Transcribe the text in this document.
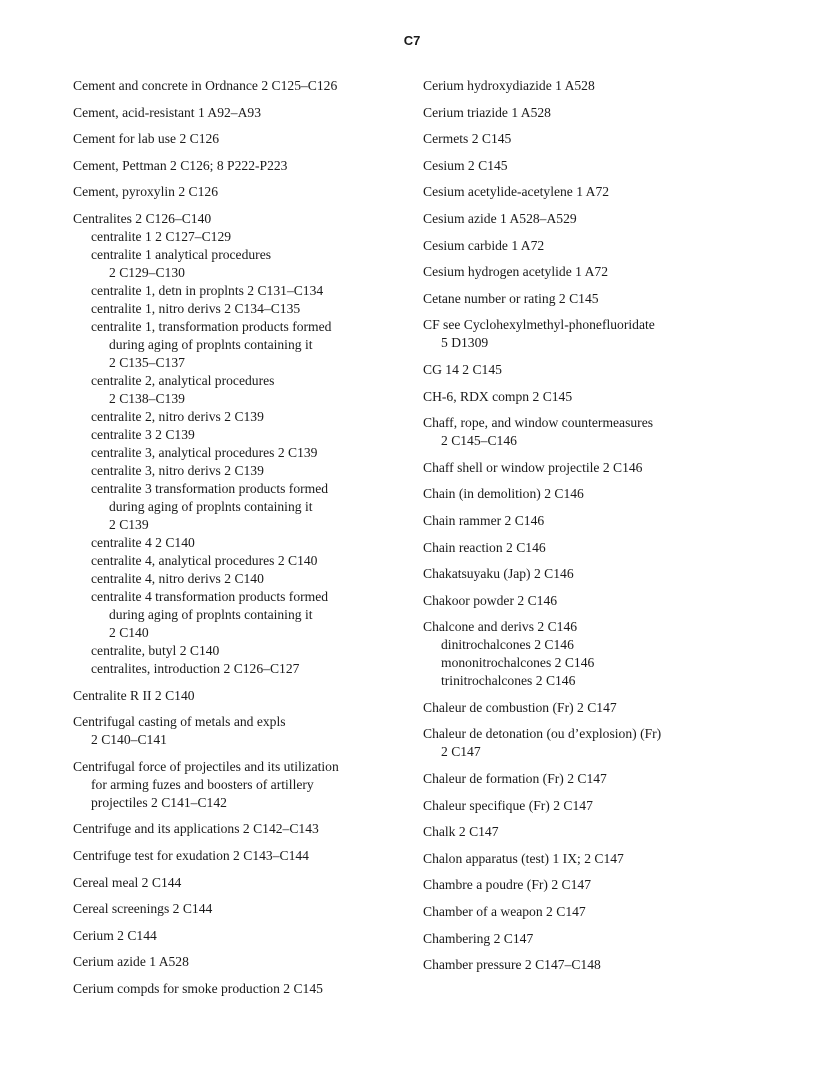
C7
Cement and concrete in Ordnance 2 C125–C126
Cement, acid-resistant 1 A92–A93
Cement for lab use 2 C126
Cement, Pettman 2 C126; 8 P222-P223
Cement, pyroxylin 2 C126
Centralites 2 C126–C140
centralite 1 2 C127–C129
centralite 1 analytical procedures
2 C129–C130
centralite 1, detn in proplnts 2 C131–C134
centralite 1, nitro derivs 2 C134–C135
centralite 1, transformation products formed
during aging of proplnts containing it
2 C135–C137
centralite 2, analytical procedures
2 C138–C139
centralite 2, nitro derivs 2 C139
centralite 3 2 C139
centralite 3, analytical procedures 2 C139
centralite 3, nitro derivs 2 C139
centralite 3 transformation products formed
during aging of proplnts containing it
2 C139
centralite 4 2 C140
centralite 4, analytical procedures 2 C140
centralite 4, nitro derivs 2 C140
centralite 4 transformation products formed
during aging of proplnts containing it
2 C140
centralite, butyl 2 C140
centralites, introduction 2 C126–C127
Centralite R II 2 C140
Centrifugal casting of metals and expls
2 C140–C141
Centrifugal force of projectiles and its utilization
for arming fuzes and boosters of artillery
projectiles 2 C141–C142
Centrifuge and its applications 2 C142–C143
Centrifuge test for exudation 2 C143–C144
Cereal meal 2 C144
Cereal screenings 2 C144
Cerium 2 C144
Cerium azide 1 A528
Cerium compds for smoke production 2 C145
Cerium hydroxydiazide 1 A528
Cerium triazide 1 A528
Cermets 2 C145
Cesium 2 C145
Cesium acetylide-acetylene 1 A72
Cesium azide 1 A528–A529
Cesium carbide 1 A72
Cesium hydrogen acetylide 1 A72
Cetane number or rating 2 C145
CF see Cyclohexylmethyl-phonefluoridate
5 D1309
CG 14 2 C145
CH-6, RDX compn 2 C145
Chaff, rope, and window countermeasures
2 C145–C146
Chaff shell or window projectile 2 C146
Chain (in demolition) 2 C146
Chain rammer 2 C146
Chain reaction 2 C146
Chakatsuyaku (Jap) 2 C146
Chakoor powder 2 C146
Chalcone and derivs 2 C146
dinitrochalcones 2 C146
mononitrochalcones 2 C146
trinitrochalcones 2 C146
Chaleur de combustion (Fr) 2 C147
Chaleur de detonation (ou d’explosion) (Fr)
2 C147
Chaleur de formation (Fr) 2 C147
Chaleur specifique (Fr) 2 C147
Chalk 2 C147
Chalon apparatus (test) 1 IX; 2 C147
Chambre a poudre (Fr) 2 C147
Chamber of a weapon 2 C147
Chambering 2 C147
Chamber pressure 2 C147–C148
